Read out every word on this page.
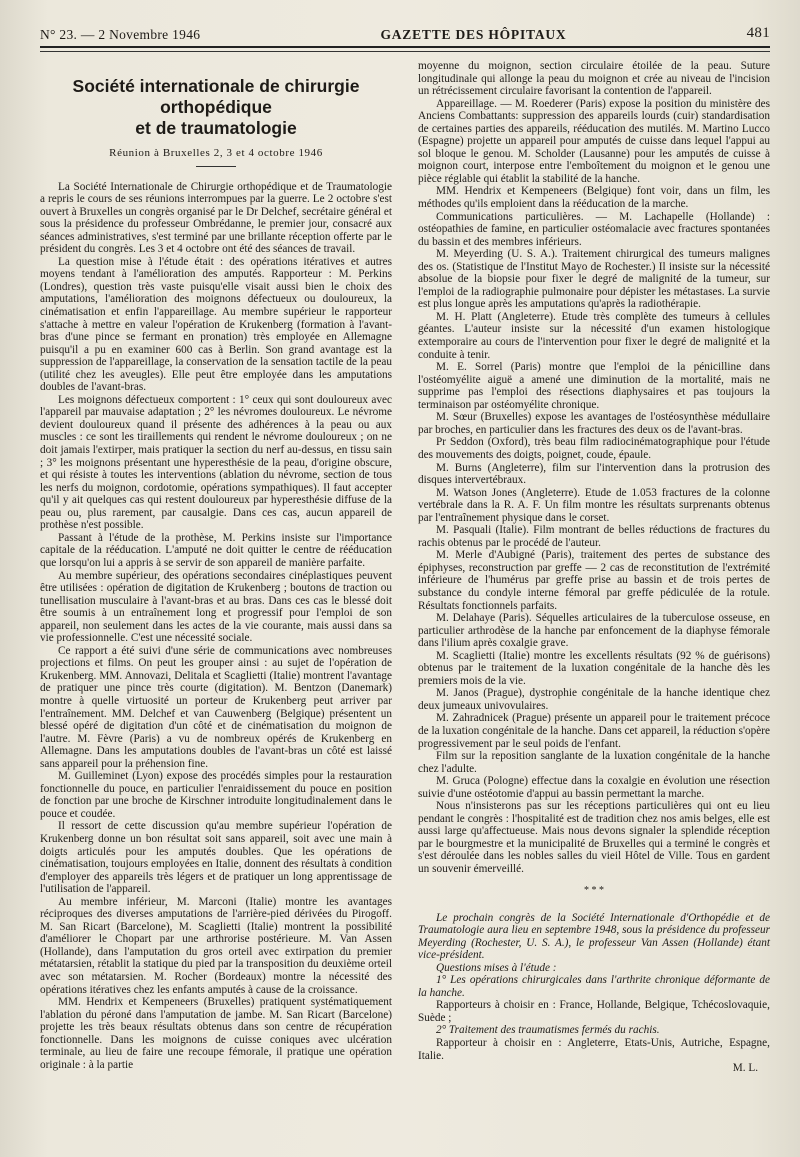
N° 23. — 2 Novembre 1946	GAZETTE DES HÔPITAUX	481
Société internationale de chirurgie orthopédique
et de traumatologie
Réunion à Bruxelles 2, 3 et 4 octobre 1946

La Société Internationale de Chirurgie orthopédique et de Traumatologie a repris le cours de ses réunions interrompues par la guerre. Le 2 octobre s'est ouvert à Bruxelles un congrès organisé par le Dr Delchef, secrétaire général et sous la présidence du professeur Ombrédanne, le premier jour, consacré aux séances administratives, s'est terminé par une brillante réception offerte par le président du congrès. Les 3 et 4 octobre ont été des séances de travail.

La question mise à l'étude était : des opérations itératives et autres moyens tendant à l'amélioration des amputés. Rapporteur : M. Perkins (Londres), question très vaste puisqu'elle visait aussi bien le choix des amputations, l'amélioration des moignons défectueux ou douloureux, la cinématisation et enfin l'appareillage. Au membre supérieur le rapporteur s'attache à mettre en valeur l'opération de Krukenberg (formation à l'avant-bras d'une pince se fermant en pronation) très employée en Allemagne puisqu'il a pu en examiner 600 cas à Berlin. Son grand avantage est la suppression de l'appareillage, la conservation de la sensation tactile de la peau (utilité chez les aveugles). Elle peut être employée dans les amputations doubles de l'avant-bras.

Les moignons défectueux comportent : 1° ceux qui sont douloureux avec l'appareil par mauvaise adaptation ; 2° les névromes douloureux. Le névrome devient douloureux quand il présente des adhérences à la peau ou aux muscles : ce sont les tiraillements qui rendent le névrome douloureux ; on ne doit jamais l'extirper, mais pratiquer la section du nerf au-dessus, en tissu sain ; 3° les moignons présentant une hyperesthésie de la peau, d'origine obscure, et qui résiste à toutes les interventions (ablation du névrome, section de tous les nerfs du moignon, cordotomie, opérations sympathiques). Il faut accepter qu'il y ait quelques cas qui restent douloureux par hyperesthésie diffuse de la peau ou, plus rarement, par causalgie. Dans ces cas, aucun appareil de prothèse n'est possible.

Passant à l'étude de la prothèse, M. Perkins insiste sur l'importance capitale de la rééducation. L'amputé ne doit quitter le centre de rééducation que lorsqu'on lui a appris à se servir de son appareil de manière parfaite.

Au membre supérieur, des opérations secondaires cinéplastiques peuvent être utilisées : opération de digitation de Krukenberg ; boutons de traction ou tunellisation musculaire à l'avant-bras et au bras. Dans ces cas le blessé doit être soumis à un entraînement long et progressif pour l'emploi de son appareil, non seulement dans les actes de la vie courante, mais aussi dans sa vie professionnelle. C'est une nécessité sociale.

Ce rapport a été suivi d'une série de communications avec nombreuses projections et films. On peut les grouper ainsi : au sujet de l'opération de Krukenberg. MM. Annovazi, Delitala et Scaglietti (Italie) montrent l'avantage de pratiquer une pince très courte (digitation). M. Bentzon (Danemark) montre à quelle virtuosité un porteur de Krukenberg peut arriver par l'entraînement. MM. Delchef et van Cauwenberg (Belgique) présentent un blessé opéré de digitation d'un côté et de cinématisation du moignon de l'autre. M. Fèvre (Paris) a vu de nombreux opérés de Krukenberg en Allemagne. Dans les amputations doubles de l'avant-bras un côté est laissé sans appareil pour la préhension fine.

M. Guilleminet (Lyon) expose des procédés simples pour la restauration fonctionnelle du pouce, en particulier l'enraidissement du pouce en position de fonction par une broche de Kirschner introduite longitudinalement dans le pouce et coudée.

Il ressort de cette discussion qu'au membre supérieur l'opération de Krukenberg donne un bon résultat soit sans appareil, soit avec une main à doigts articulés pour les amputés doubles. Que les opérations de cinématisation, toujours employées en Italie, donnent des résultats à condition d'employer des appareils très légers et de pratiquer un long apprentissage de l'utilisation de l'appareil.

Au membre inférieur, M. Marconi (Italie) montre les avantages réciproques des diverses amputations de l'arrière-pied dérivées du Pirogoff. M. San Ricart (Barcelone), M. Scaglietti (Italie) montrent la possibilité d'améliorer le Chopart par une arthrorise postérieure. M. Van Assen (Hollande), dans l'amputation du gros orteil avec extirpation du premier métatarsien, rétablit la statique du pied par la transposition du deuxième orteil avec son métatarsien. M. Rocher (Bordeaux) montre la nécessité des opérations itératives chez les enfants amputés à cause de la croissance.

MM. Hendrix et Kempeneers (Bruxelles) pratiquent systématiquement l'ablation du péroné dans l'amputation de jambe. M. San Ricart (Barcelone) projette les très beaux résultats obtenus dans son centre de récupération fonctionnelle. Dans les moignons de cuisse coniques avec ulcération terminale, au lieu de faire une recoupe fémorale, il pratique une opération originale : à la partie

moyenne du moignon, section circulaire étoilée de la peau. Suture longitudinale qui allonge la peau du moignon et crée au niveau de l'incision un rétrécissement circulaire favorisant la contention de l'appareil.

Appareillage. — M. Roederer (Paris) expose la position du ministère des Anciens Combattants: suppression des appareils lourds (cuir) standardisation de certaines parties des appareils, rééducation des mutilés. M. Martino Lucco (Espagne) projette un appareil pour amputés de cuisse dans lequel l'appui au sol bloque le genou. M. Scholder (Lausanne) pour les amputés de cuisse à moignon court, interpose entre l'emboîtement du moignon et le genou une pièce réglable qui établit la stabilité de la hanche.

MM. Hendrix et Kempeneers (Belgique) font voir, dans un film, les méthodes qu'ils emploient dans la rééducation de la marche.

Communications particulières. — M. Lachapelle (Hollande) : ostéopathies de famine, en particulier ostéomalacie avec fractures spontanées du bassin et des membres inférieurs.

M. Meyerding (U. S. A.). Traitement chirurgical des tumeurs malignes des os. (Statistique de l'Institut Mayo de Rochester.) Il insiste sur la nécessité absolue de la biopsie pour fixer le degré de malignité de la tumeur, sur l'emploi de la radiographie pulmonaire pour dépister les métastases. La survie est plus longue après les amputations qu'après la radiothérapie.

M. H. Platt (Angleterre). Etude très complète des tumeurs à cellules géantes. L'auteur insiste sur la nécessité d'un examen histologique extemporaire au cours de l'intervention pour fixer le degré de malignité et la conduite à tenir.

M. E. Sorrel (Paris) montre que l'emploi de la pénicilline dans l'ostéomyélite aiguë a amené une diminution de la mortalité, mais ne supprime pas l'emploi des résections diaphysaires et pas toujours la terminaison par ostéomyélite chronique.

M. Sœur (Bruxelles) expose les avantages de l'ostéosynthèse médullaire par broches, en particulier dans les fractures des deux os de l'avant-bras.

Pr Seddon (Oxford), très beau film radiocinématographique pour l'étude des mouvements des doigts, poignet, coude, épaule.

M. Burns (Angleterre), film sur l'intervention dans la protrusion des disques intervertébraux.

M. Watson Jones (Angleterre). Etude de 1.053 fractures de la colonne vertébrale dans la R. A. F. Un film montre les résultats surprenants obtenus par l'entraînement physique dans le corset.

M. Pasquali (Italie). Film montrant de belles réductions de fractures du rachis obtenus par le procédé de l'auteur.

M. Merle d'Aubigné (Paris), traitement des pertes de substance des épiphyses, reconstruction par greffe — 2 cas de reconstitution de l'extrémité inférieure de l'humérus par greffe prise au bassin et de trois pertes de substance du condyle interne fémoral par greffe pédiculée de la rotule. Résultats fonctionnels parfaits.

M. Delahaye (Paris). Séquelles articulaires de la tuberculose osseuse, en particulier arthrodèse de la hanche par enfoncement de la diaphyse fémorale dans l'ilium après coxalgie grave.

M. Scaglietti (Italie) montre les excellents résultats (92 % de guérisons) obtenus par le traitement de la luxation congénitale de la hanche dès les premiers mois de la vie.

M. Janos (Prague), dystrophie congénitale de la hanche identique chez deux jumeaux univovulaires.

M. Zahradnicek (Prague) présente un appareil pour le traitement précoce de la luxation congénitale de la hanche. Dans cet appareil, la réduction s'opère progressivement par le seul poids de l'enfant.

Film sur la reposition sanglante de la luxation congénitale de la hanche chez l'adulte.

M. Gruca (Pologne) effectue dans la coxalgie en évolution une résection suivie d'une ostéotomie d'appui au bassin permettant la marche.

Nous n'insisterons pas sur les réceptions particulières qui ont eu lieu pendant le congrès : l'hospitalité est de tradition chez nos amis belges, elle est aussi large qu'affectueuse. Mais nous devons signaler la splendide réception par le bourgmestre et la municipalité de Bruxelles qui a terminé le congrès et s'est déroulée dans les nobles salles du vieil Hôtel de Ville. Tous en gardent un souvenir émerveillé.

* * *

Le prochain congrès de la Société Internationale d'Orthopédie et de Traumatologie aura lieu en septembre 1948, sous la présidence du professeur Meyerding (Rochester, U. S. A.), le professeur Van Assen (Hollande) étant vice-président.

Questions mises à l'étude :

1° Les opérations chirurgicales dans l'arthrite chronique déformante de la hanche.

Rapporteurs à choisir en : France, Hollande, Belgique, Tchécoslovaquie, Suède ;

2° Traitement des traumatismes fermés du rachis.

Rapporteur à choisir en : Angleterre, Etats-Unis, Autriche, Espagne, Italie.

M. L.
